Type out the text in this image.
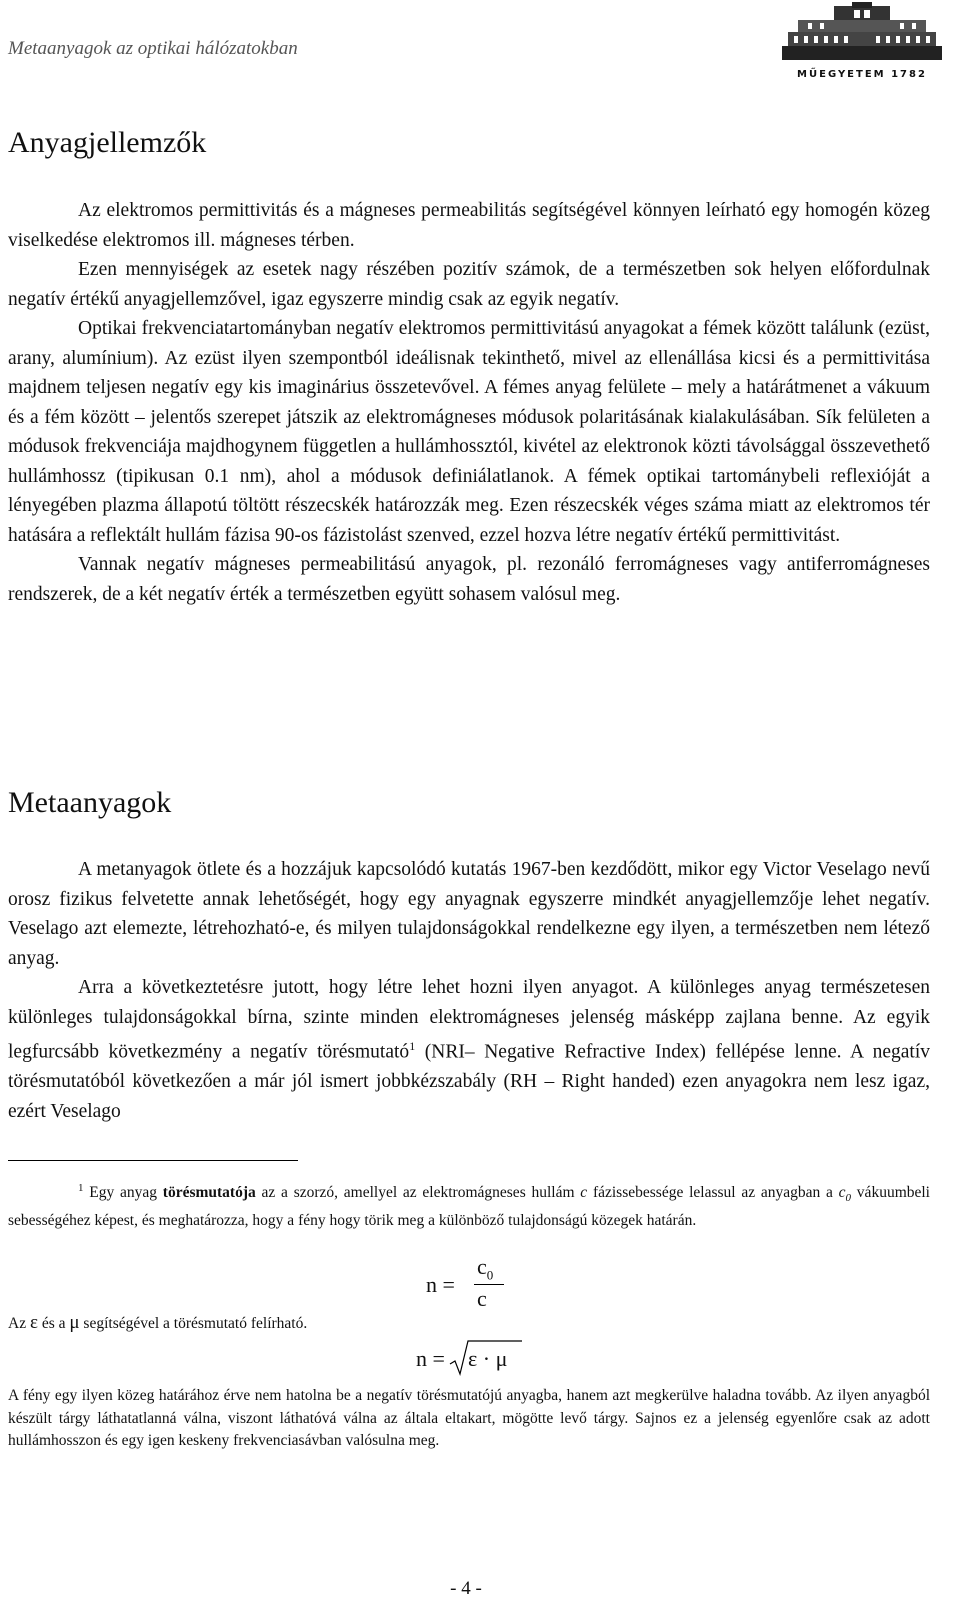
Metaanyagok az optikai hálózatokban
MŰEGYETEM 1782
Anyagjellemzők

Az elektromos permittivitás és a mágneses permeabilitás segítségével könnyen leírható egy homogén közeg viselkedése elektromos ill. mágneses térben.

Ezen mennyiségek az esetek nagy részében pozitív számok, de a természetben sok helyen előfordulnak negatív értékű anyagjellemzővel, igaz egyszerre mindig csak az egyik negatív.

Optikai frekvenciatartományban negatív elektromos permittivitású anyagokat a fémek között találunk (ezüst, arany, alumínium). Az ezüst ilyen szempontból ideálisnak tekinthető, mivel az ellenállása kicsi és a permittivitása majdnem teljesen negatív egy kis imaginárius összetevővel. A fémes anyag felülete – mely a határátmenet a vákuum és a fém között – jelentős szerepet játszik az elektromágneses módusok polaritásának kialakulásában. Sík felületen a módusok frekvenciája majdhogynem független a hullámhossztól, kivétel az elektronok közti távolsággal összevethető hullámhossz (tipikusan 0.1 nm), ahol a módusok definiálatlanok. A fémek optikai tartománybeli reflexióját a lényegében plazma állapotú töltött részecskék határozzák meg. Ezen részecskék véges száma miatt az elektromos tér hatására a reflektált hullám fázisa 90-os fázistolást szenved, ezzel hozva létre negatív értékű permittivitást.

Vannak negatív mágneses permeabilitású anyagok, pl. rezonáló ferromágneses vagy antiferromágneses rendszerek, de a két negatív érték a természetben együtt sohasem valósul meg.

Metaanyagok

A metanyagok ötlete és a hozzájuk kapcsolódó kutatás 1967-ben kezdődött, mikor egy Victor Veselago nevű orosz fizikus felvetette annak lehetőségét, hogy egy anyagnak egyszerre mindkét anyagjellemzője lehet negatív. Veselago azt elemezte, létrehozható-e, és milyen tulajdonságokkal rendelkezne egy ilyen, a természetben nem létező anyag.

Arra a következtetésre jutott, hogy létre lehet hozni ilyen anyagot. A különleges anyag természetesen különleges tulajdonságokkal bírna, szinte minden elektromágneses jelenség másképp zajlana benne. Az egyik legfurcsább következmény a negatív törésmutató$^1$ (NRI– Negative Refractive Index) fellépése lenne. A negatív törésmutatóból következően a már jól ismert jobbkézszabály (RH – Right handed) ezen anyagokra nem lesz igaz, ezért Veselago

$^1$ Egy anyag törésmutatója az a szorzó, amellyel az elektromágneses hullám c fázissebessége lelassul az anyagban a $c_0$ vákuumbeli sebességéhez képest, és meghatározza, hogy a fény hogy törik meg a különböző tulajdonságú közegek határán.

n =
$c_0$
c
Az ε és a μ segítségével a törésmutató felírható.
n = ε · μ

A fény egy ilyen közeg határához érve nem hatolna be a negatív törésmutatójú anyagba, hanem azt megkerülve haladna tovább. Az ilyen anyagból készült tárgy láthatatlanná válna, viszont láthatóvá válna az általa eltakart, mögötte levő tárgy. Sajnos ez a jelenség egyenlőre csak az adott hullámhosszon és egy igen keskeny frekvenciasávban valósulna meg.

- 4 -
